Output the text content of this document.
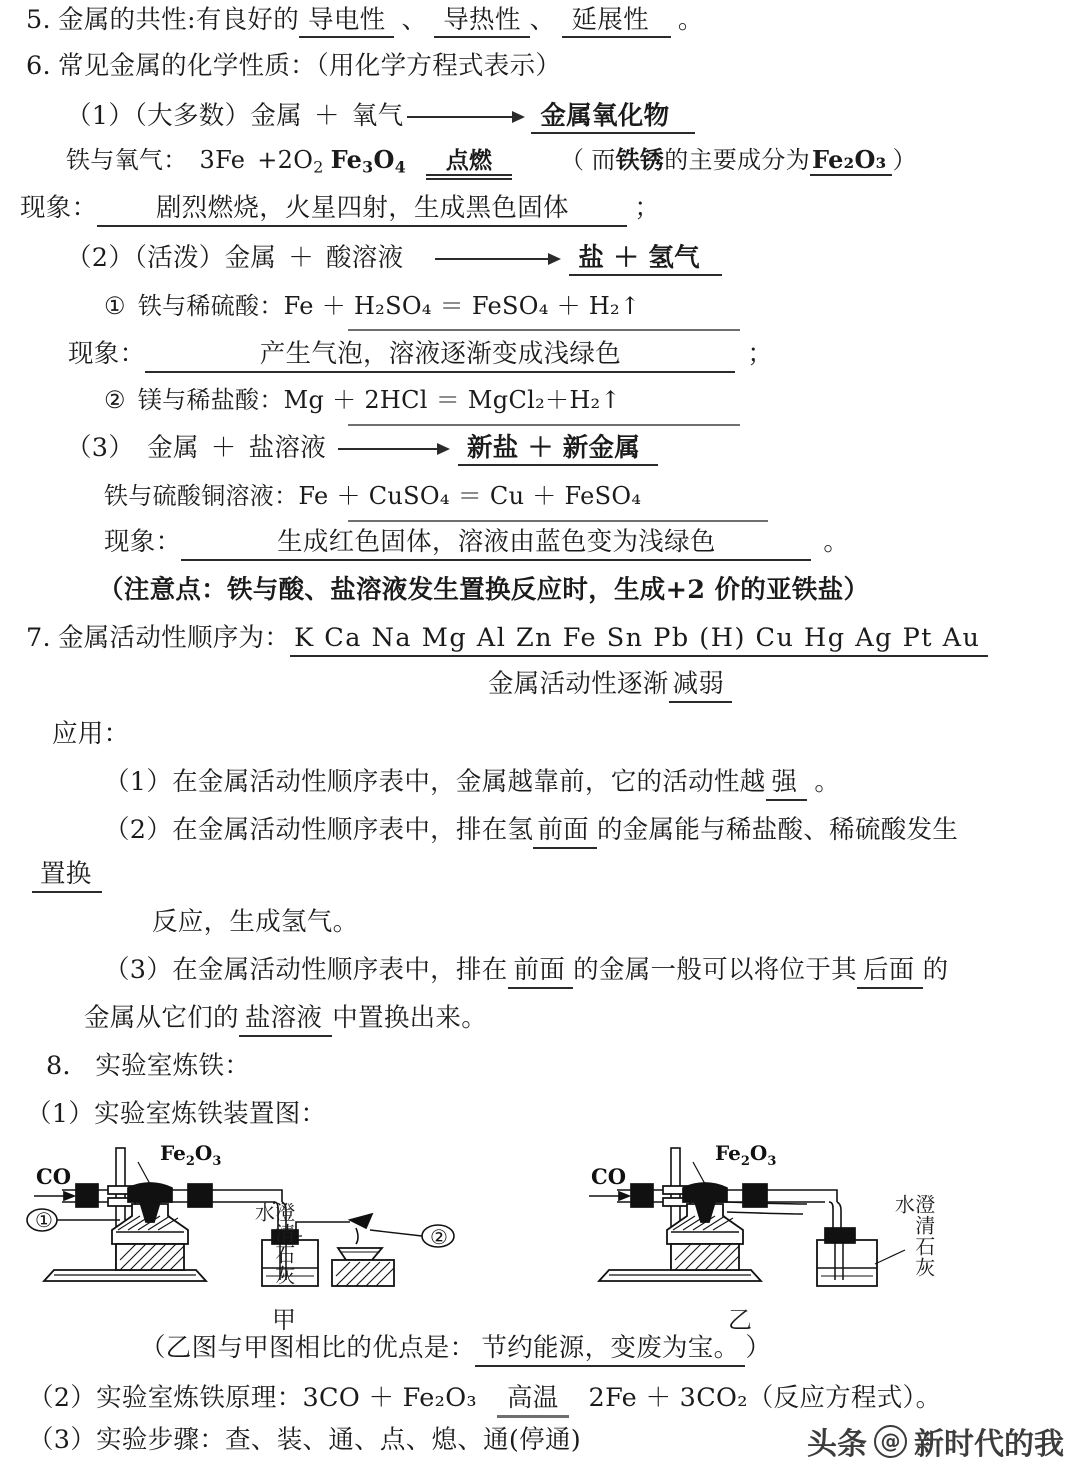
5. 金属的共性:有良好的 导电性 、 导热性 、 延展性	。
6. 常见金属的化学性质：（用化学方程式表示）
（1）（大多数）金属 ＋ 氧气	金属氧化物
铁与氧气： $3Fe +2O_2$ $Fe_3O_4$	点燃	（ 而 铁锈 的主要成分为 Fe₂O₃ ）
现象：	剧烈燃烧，火星四射，生成黑色固体	；
（2）（活泼）金属 ＋ 酸溶液	盐 ＋ 氢气
① 铁与稀硫酸： Fe ＋ H₂SO₄ ＝ FeSO₄ ＋ H₂↑
现象：	产生气泡，溶液逐渐变成浅绿色	；
② 镁与稀盐酸： Mg ＋ 2HCl ＝ MgCl₂＋H₂↑
（3）　金属 ＋ 盐溶液	新盐 ＋ 新金属
铁与硫酸铜溶液： Fe ＋ CuSO₄ ＝ Cu ＋ FeSO₄
现象：	生成红色固体，溶液由蓝色变为浅绿色	。
（注意点：铁与酸、盐溶液发生置换反应时，生成+2 价的亚铁盐）
7. 金属活动性顺序为： K Ca Na Mg Al Zn Fe Sn Pb (H) Cu Hg Ag Pt Au
金属活动性逐渐 减弱
应用：
（1）在金属活动性顺序表中，金属越靠前，它的活动性越 强 。
（2）在金属活动性顺序表中，排在氢 前面 的金属能与稀盐酸、稀硫酸发生
置换
反应，生成氢气。
（3）在金属活动性顺序表中，排在 前面 的金属一般可以将位于其 后面 的
金属从它们的 盐溶液 中置换出来。
8． 实验室炼铁：
（1）实验室炼铁装置图：
CO
$Fe_2O_3$
①
②
澄清石灰水
CO
$Fe_2O_3$
澄清石灰水
甲	乙
（乙图与甲图相比的优点是： 节约能源，变废为宝。 ）
（2）实验室炼铁原理： 3CO ＋ Fe₂O₃	高温	2Fe ＋ 3CO₂ （反应方程式）。
（3）实验步骤： 查、装、通、点、熄、通(停通)	头条 @ 新时代的我
